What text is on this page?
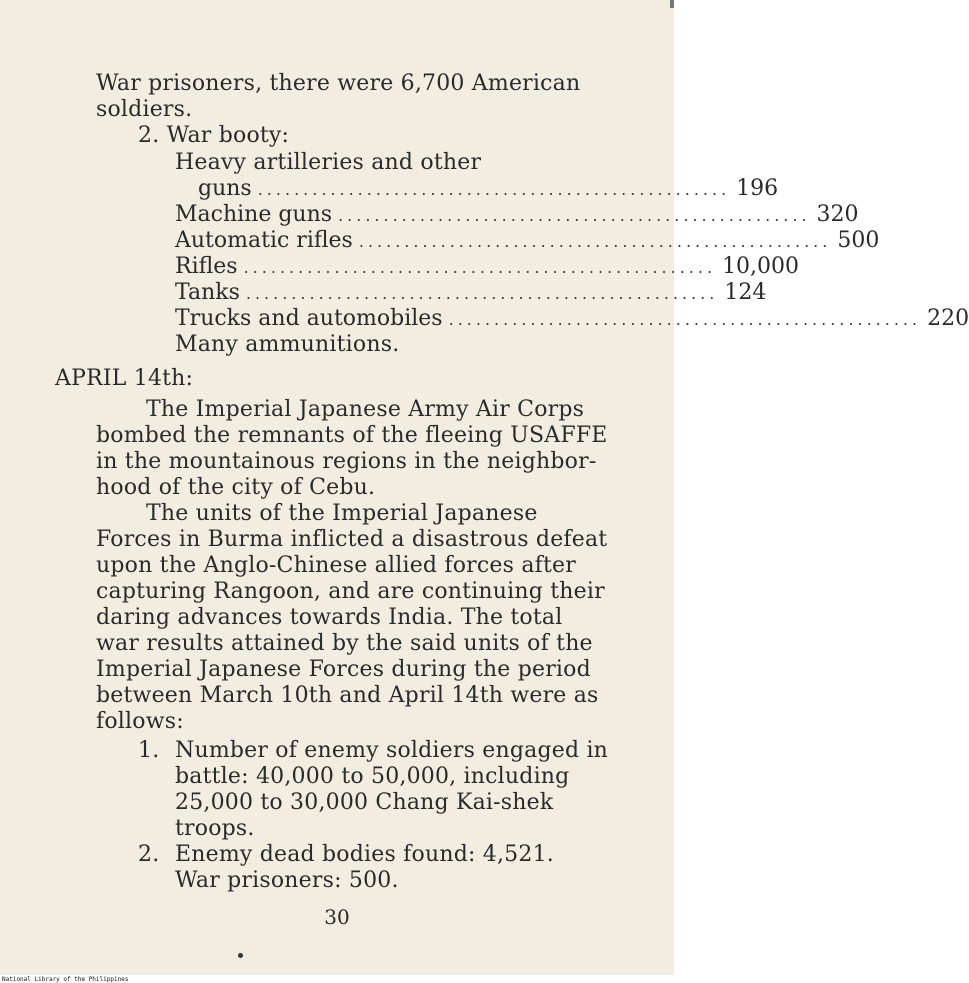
War prisoners, there were 6,700 American
soldiers.
2. War booty:
Heavy artilleries and other
guns .................................................... 196
Machine guns .................................................... 320
Automatic rifles .................................................... 500
Rifles .................................................... 10,000
Tanks .................................................... 124
Trucks and automobiles .................................................... 220
Many ammunitions.
APRIL 14th:
The Imperial Japanese Army Air Corps
bombed the remnants of the fleeing USAFFE
in the mountainous regions in the neighbor-
hood of the city of Cebu.
The units of the Imperial Japanese
Forces in Burma inflicted a disastrous defeat
upon the Anglo-Chinese allied forces after
capturing Rangoon, and are continuing their
daring advances towards India. The total
war results attained by the said units of the
Imperial Japanese Forces during the period
between March 10th and April 14th were as
follows:
1. Number of enemy soldiers engaged in
battle: 40,000 to 50,000, including
25,000 to 30,000 Chang Kai-shek
troops.
2. Enemy dead bodies found: 4,521.
War prisoners: 500.
30
National Library of the Philippines
